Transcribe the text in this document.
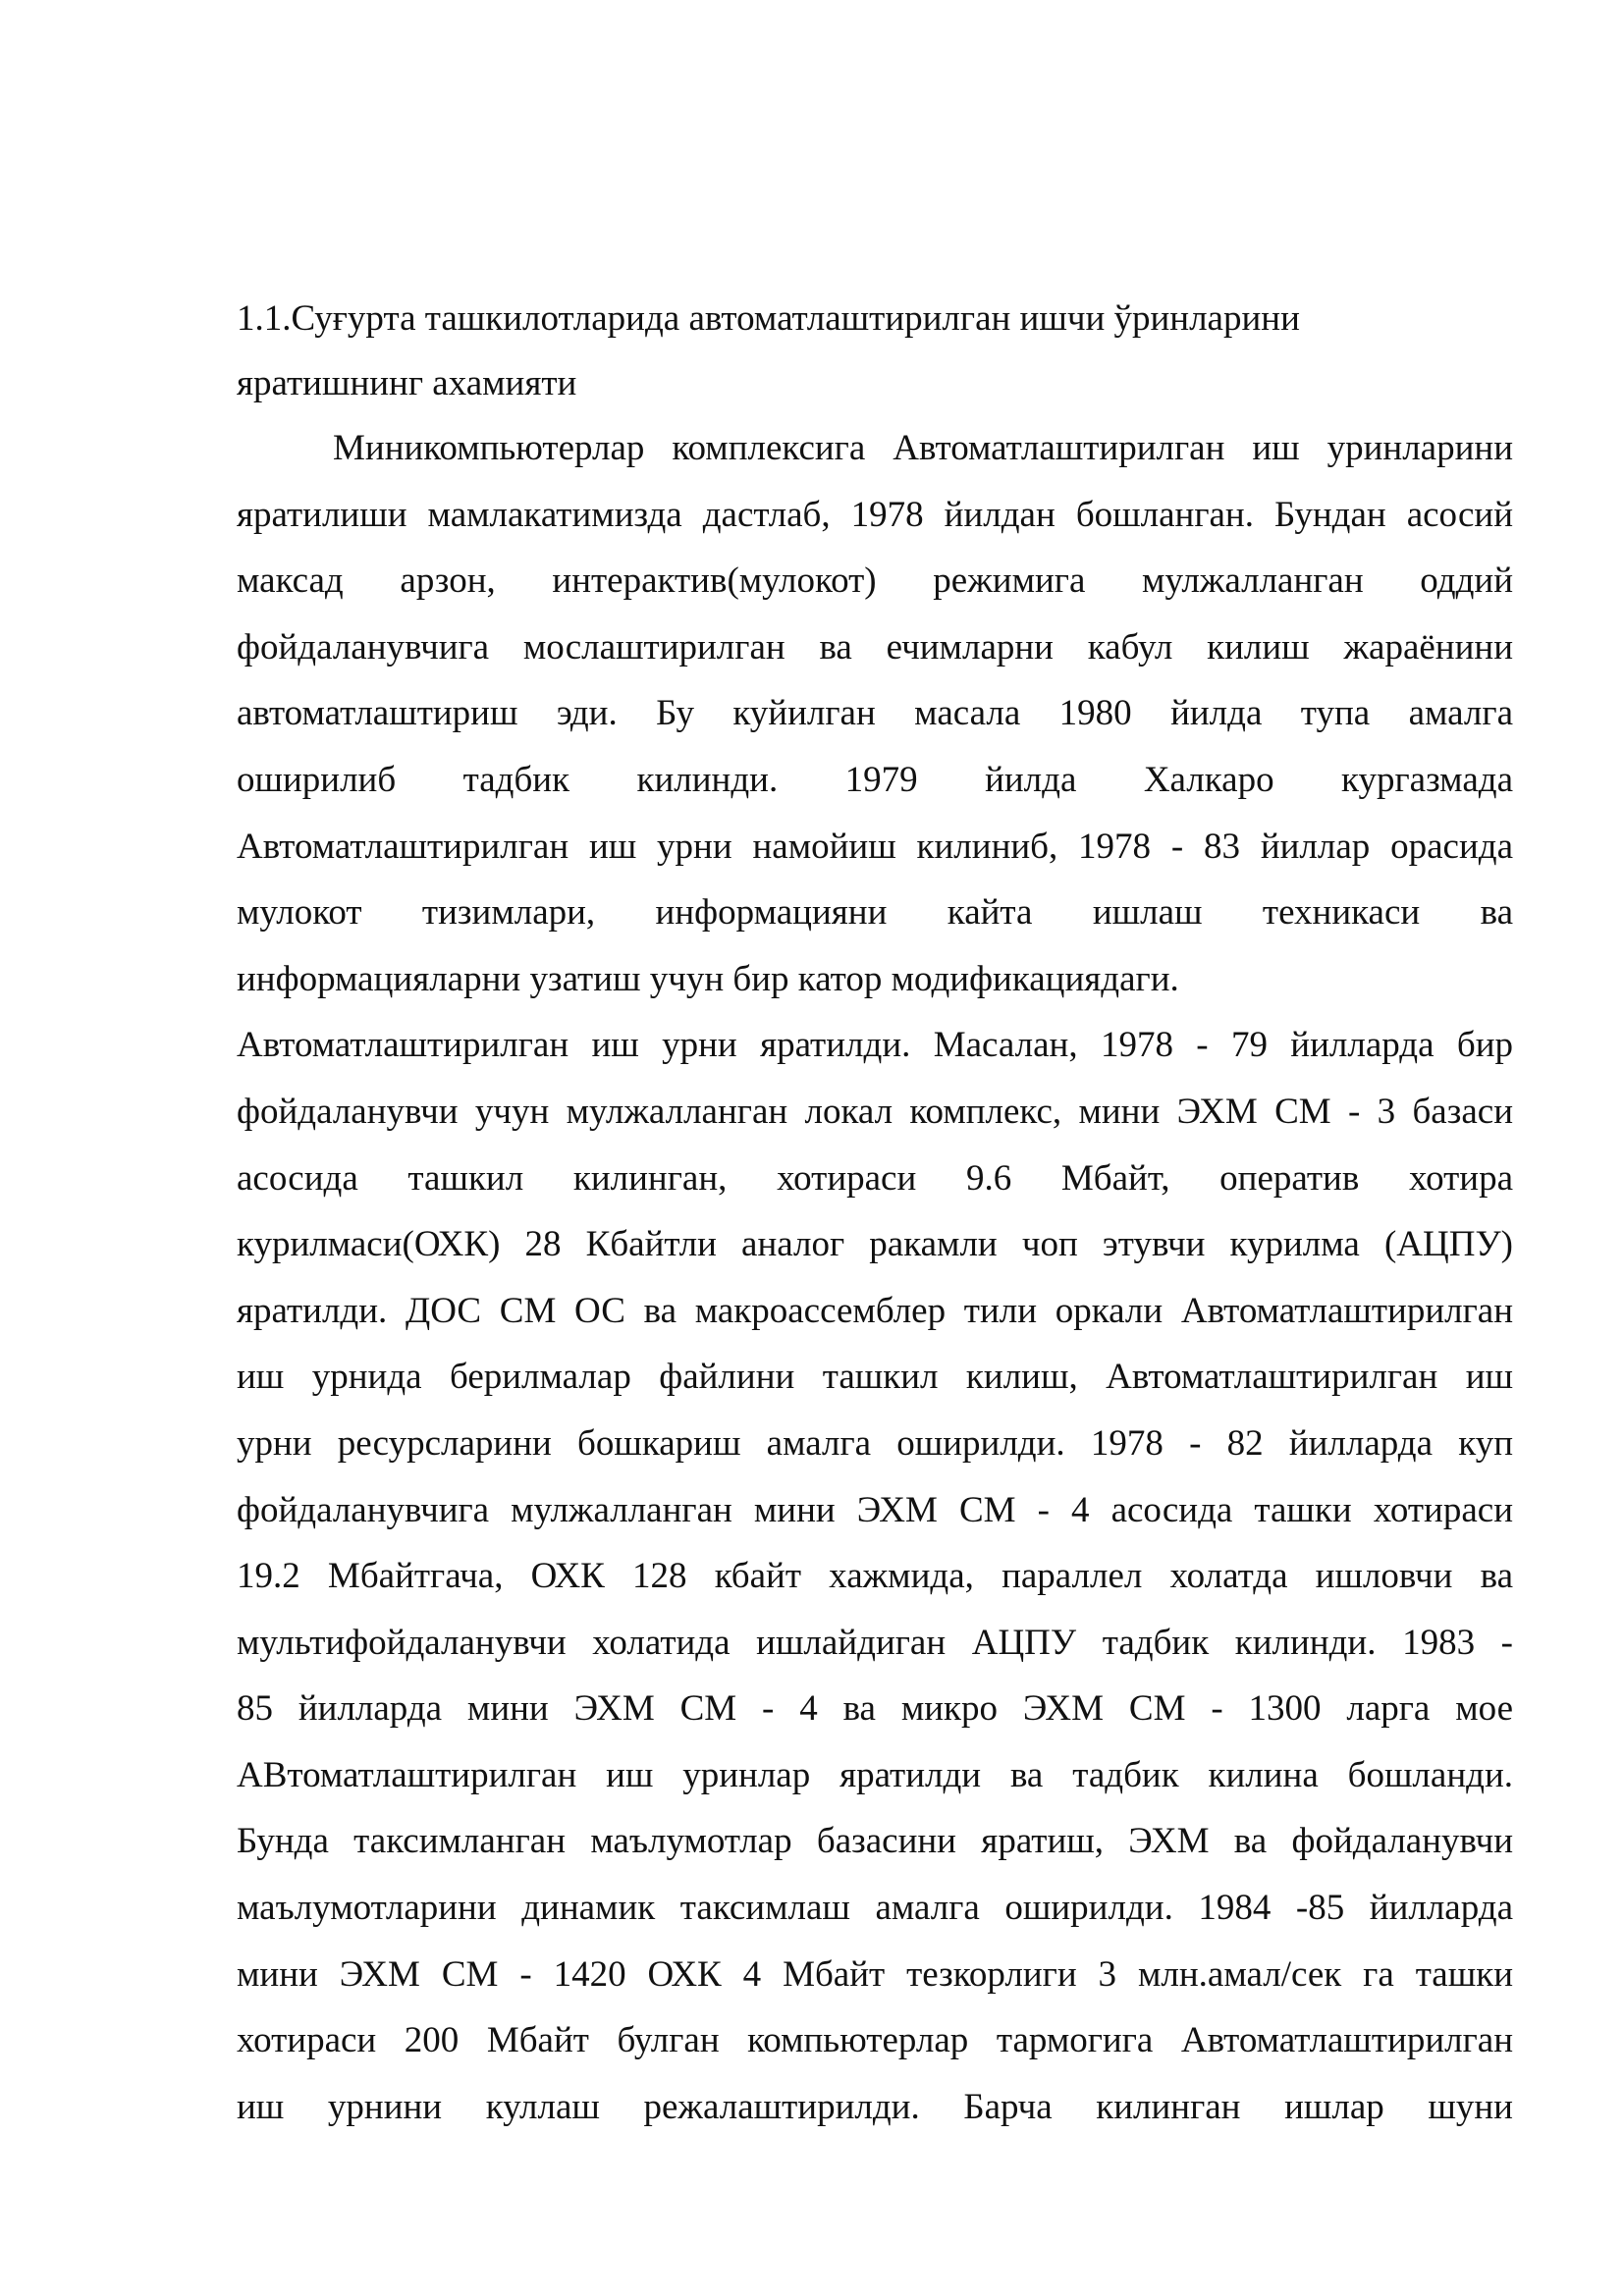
1.1.Суғурта ташкилотларида автоматлаштирилган ишчи ўринларини
яратишнинг ахамияти
Миникомпьютерлар комплексига Автоматлаштирилган иш уринларини
яратилиши мамлакатимизда дастлаб, 1978 йилдан бошланган. Бундан асосий
максад арзон, интерактив(мулокот) режимига мулжалланган оддий
фойдаланувчига мослаштирилган ва ечимларни кабул килиш жараёнини
автоматлаштириш эди. Бу куйилган масала 1980 йилда тупа амалга
оширилиб тадбик килинди. 1979 йилда Халкаро кургазмада
Автоматлаштирилган иш урни намойиш килиниб, 1978 - 83 йиллар орасида
мулокот тизимлари, информацияни кайта ишлаш техникаси ва
информацияларни узатиш учун бир катор модификациядаги.
Автоматлаштирилган иш урни яратилди. Масалан, 1978 - 79 йилларда бир
фойдаланувчи учун мулжалланган локал комплекс, мини ЭХМ СМ - 3 базаси
асосида ташкил килинган, хотираси 9.6 Мбайт, оператив хотира
курилмаси(ОХК) 28 Кбайтли аналог ракамли чоп этувчи курилма (АЦПУ)
яратилди. ДОС СМ ОС ва макроассемблер тили оркали Автоматлаштирилган
иш урнида берилмалар файлини ташкил килиш, Автоматлаштирилган иш
урни ресурсларини бошкариш амалга оширилди. 1978 - 82 йилларда куп
фойдаланувчига мулжалланган мини ЭХМ СМ - 4 асосида ташки хотираси
19.2 Мбайтгача, ОХК 128 кбайт хажмида, параллел холатда ишловчи ва
мультифойдаланувчи холатида ишлайдиган АЦПУ тадбик килинди. 1983 -
85 йилларда мини ЭХМ СМ - 4 ва микро ЭХМ СМ - 1300 ларга мое
АВтоматлаштирилган иш уринлар яратилди ва тадбик килина бошланди.
Бунда таксимланган маълумотлар базасини яратиш, ЭХМ ва фойдаланувчи
маълумотларини динамик таксимлаш амалга оширилди. 1984 -85 йилларда
мини ЭХМ СМ - 1420 ОХК 4 Мбайт тезкорлиги 3 млн.амал/сек га ташки
хотираси 200 Мбайт булган компьютерлар тармогига Автоматлаштирилган
иш урнини куллаш режалаштирилди. Барча килинган ишлар шуни
